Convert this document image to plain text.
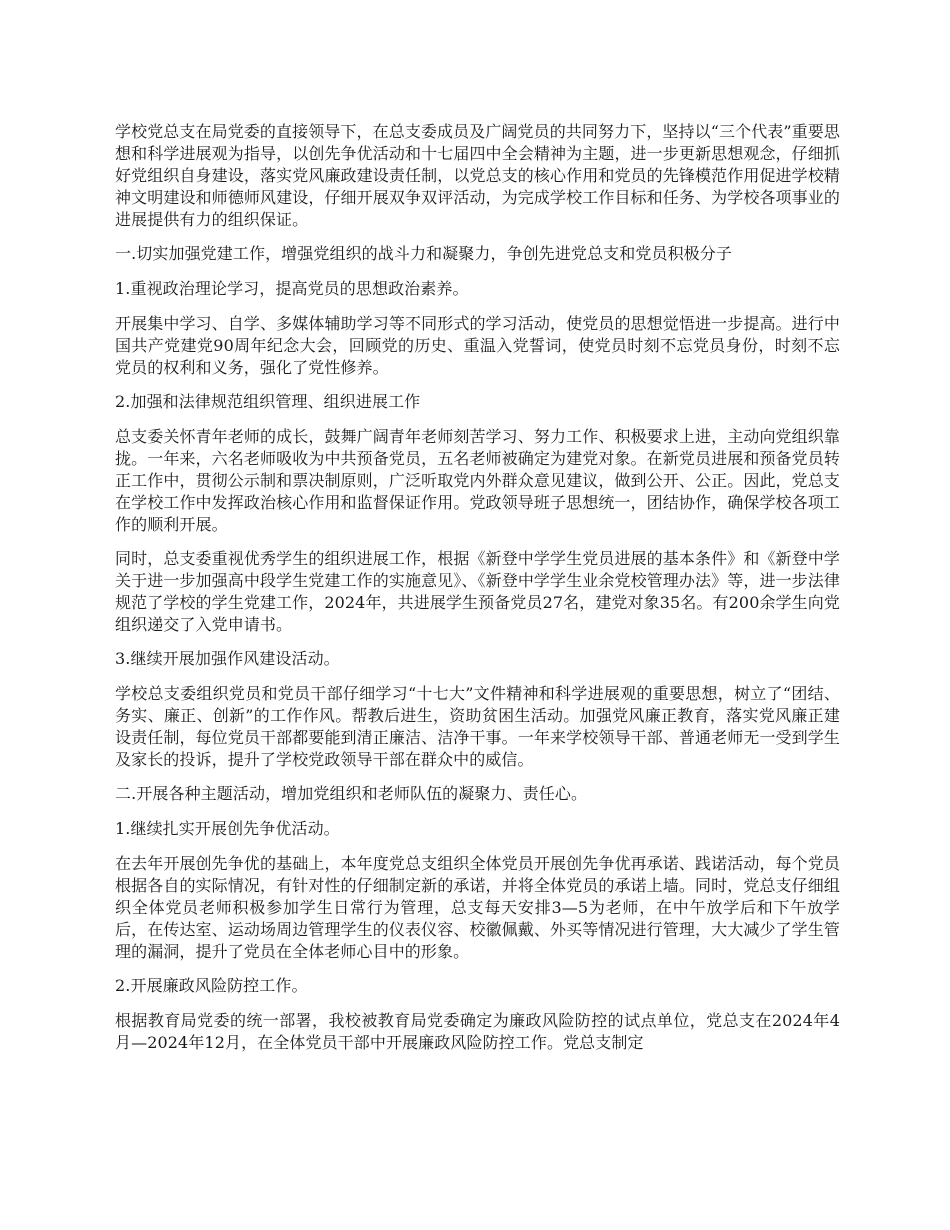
学校党总支在局党委的直接领导下，在总支委成员及广阔党员的共同努力下，坚持以“三个代表”重要思想和科学进展观为指导，以创先争优活动和十七届四中全会精神为主题，进一步更新思想观念，仔细抓好党组织自身建设，落实党风廉政建设责任制，以党总支的核心作用和党员的先锋模范作用促进学校精神文明建设和师德师风建设，仔细开展双争双评活动，为完成学校工作目标和任务、为学校各项事业的进展提供有力的组织保证。

一.切实加强党建工作，增强党组织的战斗力和凝聚力，争创先进党总支和党员积极分子

1.重视政治理论学习，提高党员的思想政治素养。

开展集中学习、自学、多媒体辅助学习等不同形式的学习活动，使党员的思想觉悟进一步提高。进行中国共产党建党90周年纪念大会，回顾党的历史、重温入党誓词，使党员时刻不忘党员身份，时刻不忘党员的权利和义务，强化了党性修养。

2.加强和法律规范组织管理、组织进展工作

总支委关怀青年老师的成长，鼓舞广阔青年老师刻苦学习、努力工作、积极要求上进，主动向党组织靠拢。一年来，六名老师吸收为中共预备党员，五名老师被确定为建党对象。在新党员进展和预备党员转正工作中，贯彻公示制和票决制原则，广泛听取党内外群众意见建议，做到公开、公正。因此，党总支在学校工作中发挥政治核心作用和监督保证作用。党政领导班子思想统一，团结协作，确保学校各项工作的顺利开展。

同时，总支委重视优秀学生的组织进展工作，根据《新登中学学生党员进展的基本条件》和《新登中学关于进一步加强高中段学生党建工作的实施意见》、《新登中学学生业余党校管理办法》等，进一步法律规范了学校的学生党建工作，2024年，共进展学生预备党员27名，建党对象35名。有200余学生向党组织递交了入党申请书。

3.继续开展加强作风建设活动。

学校总支委组织党员和党员干部仔细学习“十七大”文件精神和科学进展观的重要思想，树立了“团结、务实、廉正、创新”的工作作风。帮教后进生，资助贫困生活动。加强党风廉正教育，落实党风廉正建设责任制，每位党员干部都要能到清正廉洁、洁净干事。一年来学校领导干部、普通老师无一受到学生及家长的投诉，提升了学校党政领导干部在群众中的威信。

二.开展各种主题活动，增加党组织和老师队伍的凝聚力、责任心。

1.继续扎实开展创先争优活动。

在去年开展创先争优的基础上，本年度党总支组织全体党员开展创先争优再承诺、践诺活动，每个党员根据各自的实际情况，有针对性的仔细制定新的承诺，并将全体党员的承诺上墙。同时，党总支仔细组织全体党员老师积极参加学生日常行为管理，总支每天安排3—5为老师，在中午放学后和下午放学后，在传达室、运动场周边管理学生的仪表仪容、校徽佩戴、外买等情况进行管理，大大减少了学生管理的漏洞，提升了党员在全体老师心目中的形象。

2.开展廉政风险防控工作。

根据教育局党委的统一部署，我校被教育局党委确定为廉政风险防控的试点单位，党总支在2024年4月—2024年12月，在全体党员干部中开展廉政风险防控工作。党总支制定
